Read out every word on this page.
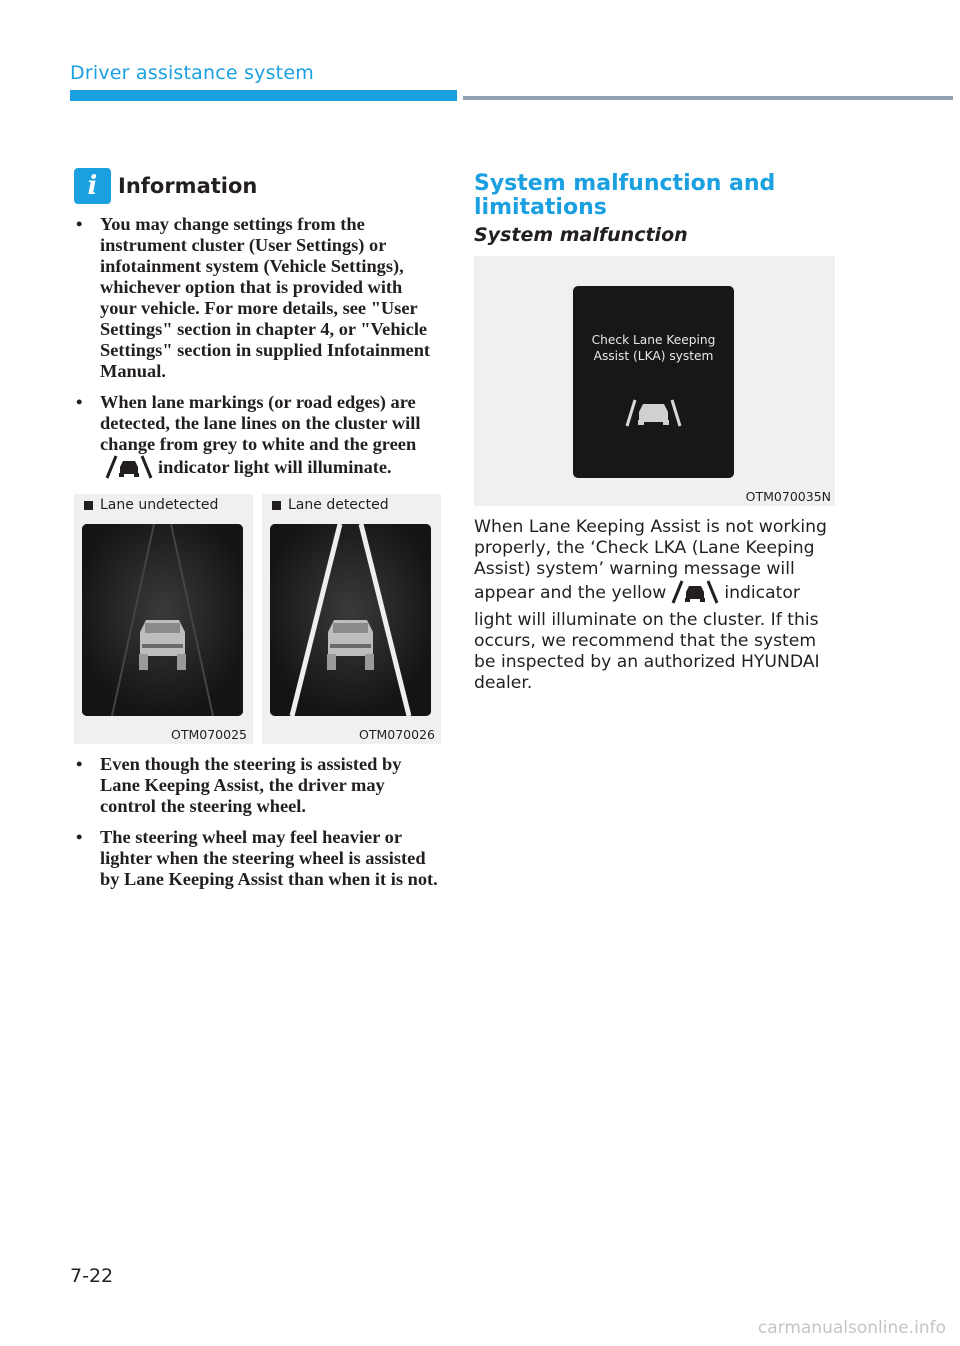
Driver assistance system
i Information
• You may change settings from the instrument cluster (User Settings) or infotainment system (Vehicle Settings), whichever option that is provided with your vehicle. For more details, see "User Settings" section in chapter 4, or "Vehicle Settings" section in supplied Infotainment Manual.
• When lane markings (or road edges) are detected, the lane lines on the cluster will change from grey to white and the greenindicator light will illuminate.
Lane undetected
OTM070025
Lane detected
OTM070026
• Even though the steering is assisted by Lane Keeping Assist, the driver may control the steering wheel.
• The steering wheel may feel heavier or lighter when the steering wheel is assisted by Lane Keeping Assist than when it is not.
System malfunction and limitations
System malfunction
Check Lane Keeping
Assist (LKA) system
OTM070035N
When Lane Keeping Assist is not working properly, the ‘Check LKA (Lane Keeping Assist) system’ warning message will appear and the yellow	indicator light will illuminate on the cluster. If this occurs, we recommend that the system be inspected by an authorized HYUNDAI dealer.
7-22
carmanualsonline.info
